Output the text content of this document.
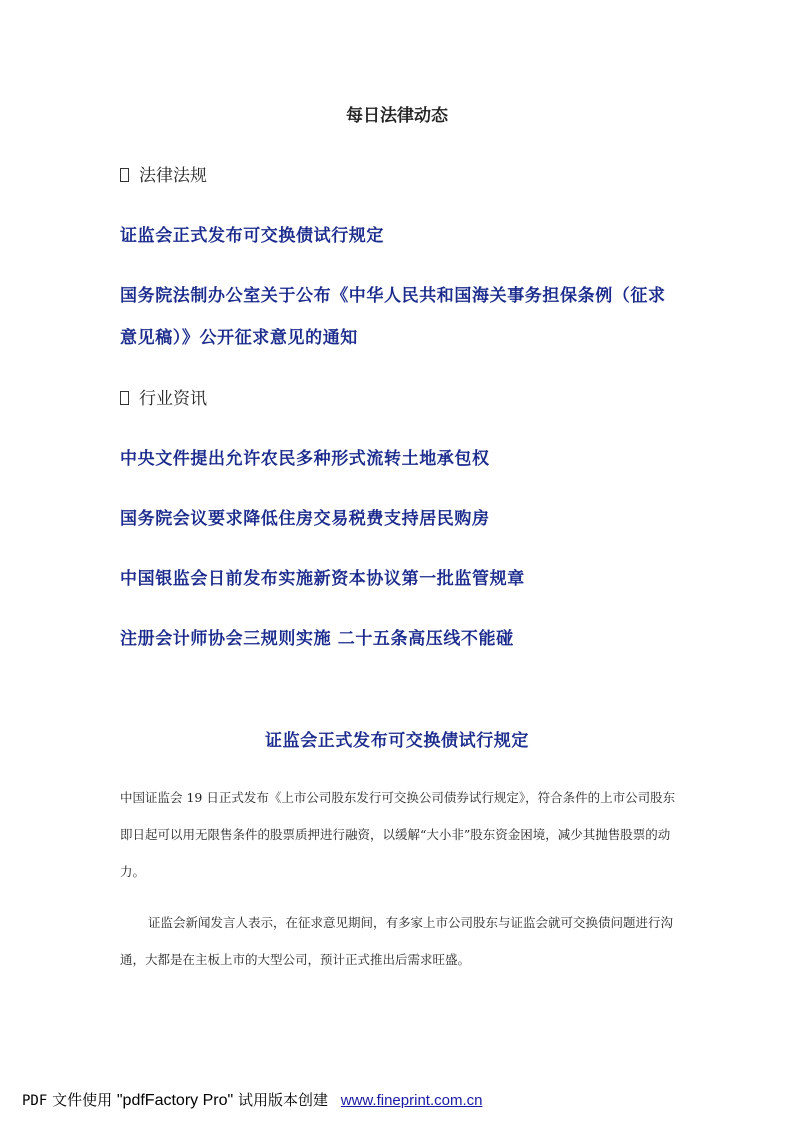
每日法律动态
法律法规
证监会正式发布可交换债试行规定
国务院法制办公室关于公布《中华人民共和国海关事务担保条例（征求意见稿）》公开征求意见的通知
行业资讯
中央文件提出允许农民多种形式流转土地承包权
国务院会议要求降低住房交易税费支持居民购房
中国银监会日前发布实施新资本协议第一批监管规章
注册会计师协会三规则实施 二十五条高压线不能碰
证监会正式发布可交换债试行规定

中国证监会 19 日正式发布《上市公司股东发行可交换公司债券试行规定》，符合条件的上市公司股东即日起可以用无限售条件的股票质押进行融资，以缓解“大小非”股东资金困境，减少其抛售股票的动力。

证监会新闻发言人表示，在征求意见期间，有多家上市公司股东与证监会就可交换债问题进行沟通，大都是在主板上市的大型公司，预计正式推出后需求旺盛。

PDF 文件使用 "pdfFactory Pro" 试用版本创建 www.fineprint.com.cn
